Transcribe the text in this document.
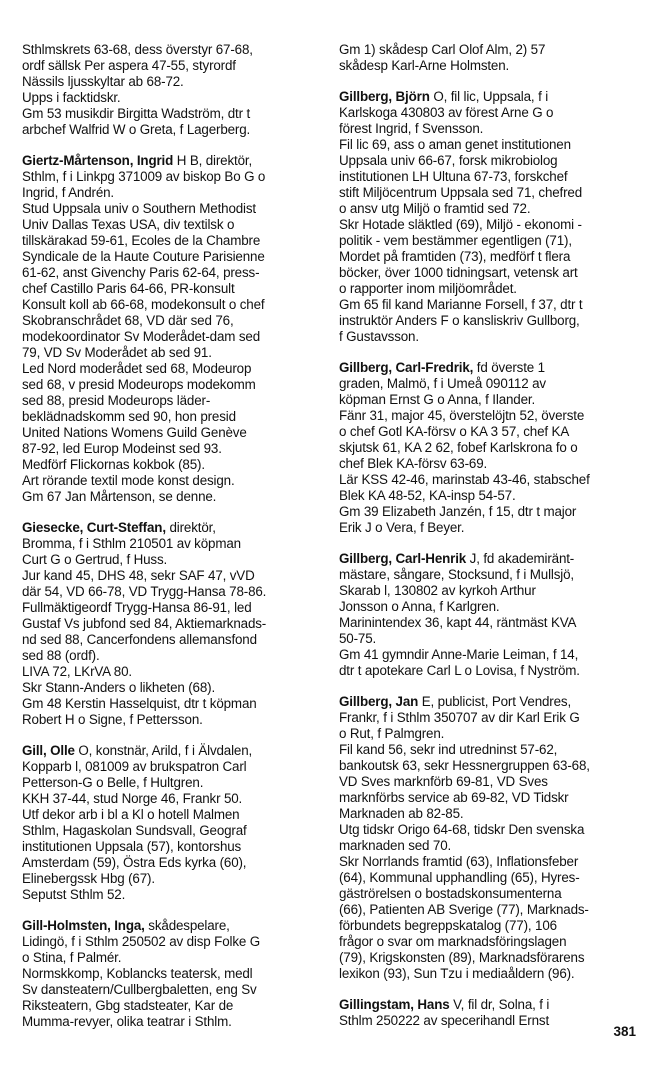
Sthlmskrets 63-68, dess överstyr 67-68,
ordf sällsk Per aspera 47-55, styrordf
Nässils ljusskyltar ab 68-72.
Upps i facktidskr.
Gm 53 musikdir Birgitta Wadström, dtr t
arbchef Walfrid W o Greta, f Lagerberg.
Giertz-Mårtenson, Ingrid H B, direktör,
Sthlm, f i Linkpg 371009 av biskop Bo G o
Ingrid, f Andrén.
Stud Uppsala univ o Southern Methodist
Univ Dallas Texas USA, div textilsk o
tillskärakad 59-61, Ecoles de la Chambre
Syndicale de la Haute Couture Parisienne
61-62, anst Givenchy Paris 62-64, press-
chef Castillo Paris 64-66, PR-konsult
Konsult koll ab 66-68, modekonsult o chef
Skobranschrådet 68, VD där sed 76,
modekoordinator Sv Moderådet-dam sed
79, VD Sv Moderådet ab sed 91.
Led Nord moderådet sed 68, Modeurop
sed 68, v presid Modeurops modekomm
sed 88, presid Modeurops läder-
beklädnadskomm sed 90, hon presid
United Nations Womens Guild Genève
87-92, led Europ Modeinst sed 93.
Medförf Flickornas kokbok (85).
Art rörande textil mode konst design.
Gm 67 Jan Mårtenson, se denne.
Giesecke, Curt-Steffan, direktör,
Bromma, f i Sthlm 210501 av köpman
Curt G o Gertrud, f Huss.
Jur kand 45, DHS 48, sekr SAF 47, vVD
där 54, VD 66-78, VD Trygg-Hansa 78-86.
Fullmäktigeordf Trygg-Hansa 86-91, led
Gustaf Vs jubfond sed 84, Aktiemarknads-
nd sed 88, Cancerfondens allemansfond
sed 88 (ordf).
LIVA 72, LKrVA 80.
Skr Stann-Anders o likheten (68).
Gm 48 Kerstin Hasselquist, dtr t köpman
Robert H o Signe, f Pettersson.
Gill, Olle O, konstnär, Arild, f i Älvdalen,
Kopparb l, 081009 av brukspatron Carl
Petterson-G o Belle, f Hultgren.
KKH 37-44, stud Norge 46, Frankr 50.
Utf dekor arb i bl a Kl o hotell Malmen
Sthlm, Hagaskolan Sundsvall, Geograf
institutionen Uppsala (57), kontorshus
Amsterdam (59), Östra Eds kyrka (60),
Elinebergssk Hbg (67).
Seputst Sthlm 52.
Gill-Holmsten, Inga, skådespelare,
Lidingö, f i Sthlm 250502 av disp Folke G
o Stina, f Palmér.
Normskkomp, Koblancks teatersk, medl
Sv dansteatern/Cullbergbaletten, eng Sv
Riksteatern, Gbg stadsteater, Kar de
Mumma-revyer, olika teatrar i Sthlm.
Gm 1) skådesp Carl Olof Alm, 2) 57
skådesp Karl-Arne Holmsten.
Gillberg, Björn O, fil lic, Uppsala, f i
Karlskoga 430803 av förest Arne G o
förest Ingrid, f Svensson.
Fil lic 69, ass o aman genet institutionen
Uppsala univ 66-67, forsk mikrobiolog
institutionen LH Ultuna 67-73, forskchef
stift Miljöcentrum Uppsala sed 71, chefred
o ansv utg Miljö o framtid sed 72.
Skr Hotade släktled (69), Miljö - ekonomi -
politik - vem bestämmer egentligen (71),
Mordet på framtiden (73), medförf t flera
böcker, över 1000 tidningsart, vetensk art
o rapporter inom miljöområdet.
Gm 65 fil kand Marianne Forsell, f 37, dtr t
instruktör Anders F o kansliskriv Gullborg,
f Gustavsson.
Gillberg, Carl-Fredrik, fd överste 1
graden, Malmö, f i Umeå 090112 av
köpman Ernst G o Anna, f Ilander.
Fänr 31, major 45, överstelöjtn 52, överste
o chef Gotl KA-försv o KA 3 57, chef KA
skjutsk 61, KA 2 62, fobef Karlskrona fo o
chef Blek KA-försv 63-69.
Lär KSS 42-46, marinstab 43-46, stabschef
Blek KA 48-52, KA-insp 54-57.
Gm 39 Elizabeth Janzén, f 15, dtr t major
Erik J o Vera, f Beyer.
Gillberg, Carl-Henrik J, fd akademiränt-
mästare, sångare, Stocksund, f i Mullsjö,
Skarab l, 130802 av kyrkoh Arthur
Jonsson o Anna, f Karlgren.
Marinintendex 36, kapt 44, räntmäst KVA
50-75.
Gm 41 gymndir Anne-Marie Leiman, f 14,
dtr t apotekare Carl L o Lovisa, f Nyström.
Gillberg, Jan E, publicist, Port Vendres,
Frankr, f i Sthlm 350707 av dir Karl Erik G
o Rut, f Palmgren.
Fil kand 56, sekr ind utredninst 57-62,
bankoutsk 63, sekr Hessnergruppen 63-68,
VD Sves marknförb 69-81, VD Sves
marknförbs service ab 69-82, VD Tidskr
Marknaden ab 82-85.
Utg tidskr Origo 64-68, tidskr Den svenska
marknaden sed 70.
Skr Norrlands framtid (63), Inflationsfeber
(64), Kommunal upphandling (65), Hyres-
gäströrelsen o bostadskonsumenterna
(66), Patienten AB Sverige (77), Marknads-
förbundets begreppskatalog (77), 106
frågor o svar om marknadsföringslagen
(79), Krigskonsten (89), Marknadsförarens
lexikon (93), Sun Tzu i mediaåldern (96).
Gillingstam, Hans V, fil dr, Solna, f i
Sthlm 250222 av specerihandl Ernst
381
